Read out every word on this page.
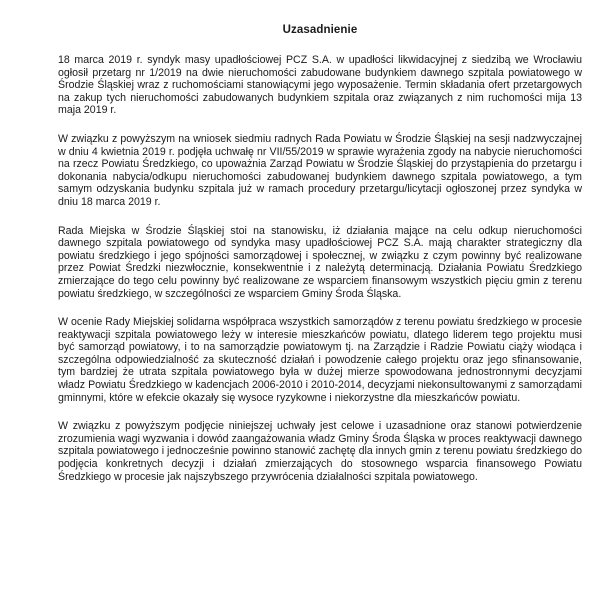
Uzasadnienie

18 marca 2019 r. syndyk masy upadłościowej PCZ S.A. w upadłości likwidacyjnej z siedzibą we Wrocławiu ogłosił przetarg nr 1/2019 na dwie nieruchomości zabudowane budynkiem dawnego szpitala powiatowego w Środzie Śląskiej wraz z ruchomościami stanowiącymi jego wyposażenie. Termin składania ofert przetargowych na zakup tych nieruchomości zabudowanych budynkiem szpitala oraz związanych z nim ruchomości mija 13 maja 2019 r.

W związku z powyższym na wniosek siedmiu radnych Rada Powiatu w Środzie Śląskiej na sesji nadzwyczajnej w dniu 4 kwietnia 2019 r. podjęła uchwałę nr VII/55/2019 w sprawie wyrażenia zgody na nabycie nieruchomości na rzecz Powiatu Średzkiego, co upoważnia Zarząd Powiatu w Środzie Śląskiej do przystąpienia do przetargu i dokonania nabycia/odkupu nieruchomości zabudowanej budynkiem dawnego szpitala powiatowego, a tym samym odzyskania budynku szpitala już w ramach procedury przetargu/licytacji ogłoszonej przez syndyka w dniu 18 marca 2019 r.

Rada Miejska w Środzie Śląskiej stoi na stanowisku, iż działania mające na celu odkup nieruchomości dawnego szpitala powiatowego od syndyka masy upadłościowej PCZ S.A. mają charakter strategiczny dla powiatu średzkiego i jego spójności samorządowej i społecznej, w związku z czym powinny być realizowane przez Powiat Średzki niezwłocznie, konsekwentnie i z należytą determinacją. Działania Powiatu Średzkiego zmierzające do tego celu powinny być realizowane ze wsparciem finansowym wszystkich pięciu gmin z terenu powiatu średzkiego, w szczególności ze wsparciem Gminy Środa Śląska.

W ocenie Rady Miejskiej solidarna współpraca wszystkich samorządów z terenu powiatu średzkiego w procesie reaktywacji szpitala powiatowego leży w interesie mieszkańców powiatu, dlatego liderem tego projektu musi być samorząd powiatowy, i to na samorządzie powiatowym tj. na Zarządzie i Radzie Powiatu ciąży wiodąca i szczególna odpowiedzialność za skuteczność działań i powodzenie całego projektu oraz jego sfinansowanie, tym bardziej że utrata szpitala powiatowego była w dużej mierze spowodowana jednostronnymi decyzjami władz Powiatu Średzkiego w kadencjach 2006-2010 i 2010-2014, decyzjami niekonsultowanymi z samorządami gminnymi, które w efekcie okazały się wysoce ryzykowne i niekorzystne dla mieszkańców powiatu.

W związku z powyższym podjęcie niniejszej uchwały jest celowe i uzasadnione oraz stanowi potwierdzenie zrozumienia wagi wyzwania i dowód zaangażowania władz Gminy Środa Śląska w proces reaktywacji dawnego szpitala powiatowego i jednocześnie powinno stanowić zachętę dla innych gmin z terenu powiatu średzkiego do podjęcia konkretnych decyzji i działań zmierzających do stosownego wsparcia finansowego Powiatu Średzkiego w procesie jak najszybszego przywrócenia działalności szpitala powiatowego.
